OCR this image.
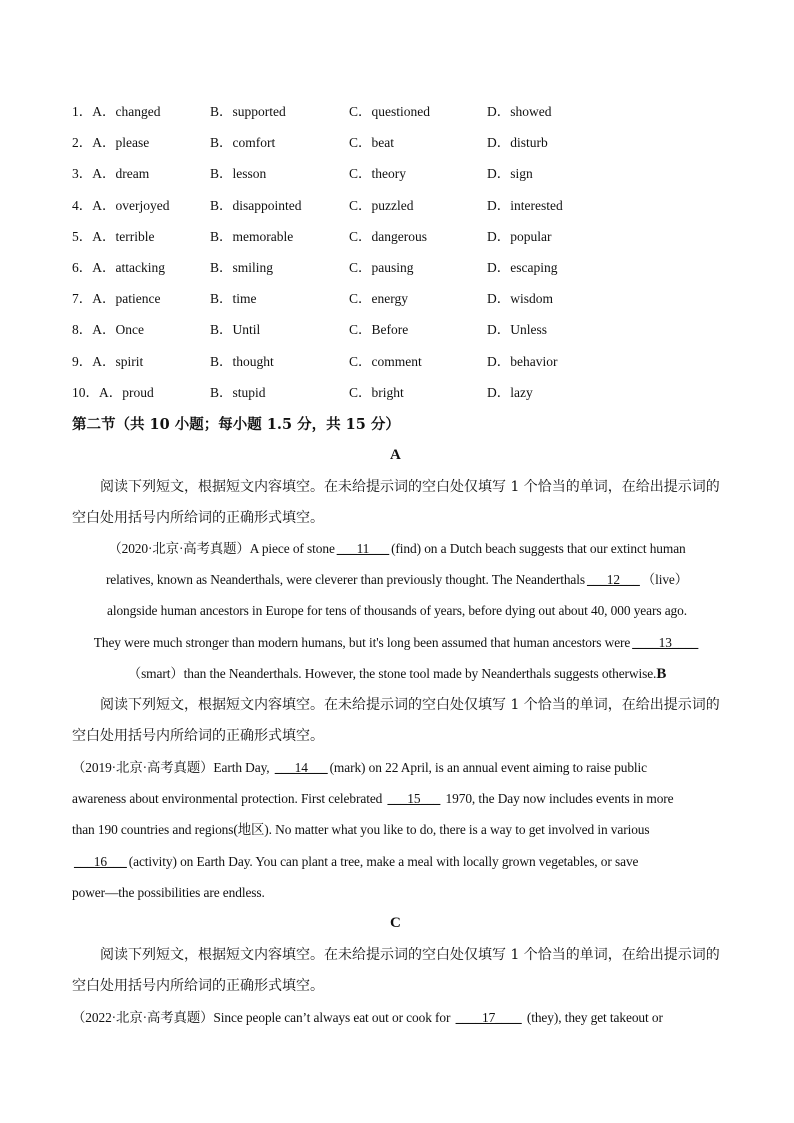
1．A．changed	B．supported	C．questioned	D．showed
2．A．please	B．comfort	C．beat	D．disturb
3．A．dream	B．lesson	C．theory	D．sign
4．A．overjoyed	B．disappointed	C．puzzled	D．interested
5．A．terrible	B．memorable	C．dangerous	D．popular
6．A．attacking	B．smiling	C．pausing	D．escaping
7．A．patience	B．time	C．energy	D．wisdom
8．A．Once	B．Until	C．Before	D．Unless
9．A．spirit	B．thought	C．comment	D．behavior
10．A．proud	B．stupid	C．bright	D．lazy
第二节（共 10 小题；每小题 1.5 分，共 15 分）
A
阅读下列短文，根据短文内容填空。在未给提示词的空白处仅填写 1 个恰当的单词，在给出提示词的
空白处用括号内所给词的正确形式填空。
（2020·北京·高考真题）A piece of stone ___11___ (find) on a Dutch beach suggests that our extinct human
relatives, known as Neanderthals, were cleverer than previously thought. The Neanderthals ___12___ （live）
alongside human ancestors in Europe for tens of thousands of years, before dying out about 40, 000 years ago.
They were much stronger than modern humans, but it's long been assumed that human ancestors were ____13____
（smart）than the Neanderthals. However, the stone tool made by Neanderthals suggests otherwise.B
阅读下列短文，根据短文内容填空。在未给提示词的空白处仅填写 1 个恰当的单词，在给出提示词的
空白处用括号内所给词的正确形式填空。
（2019·北京·高考真题）Earth Day, ___14___ (mark) on 22 April, is an annual event aiming to raise public
awareness about environmental protection. First celebrated ___15___ 1970, the Day now includes events in more
than 190 countries and regions(地区). No matter what you like to do, there is a way to get involved in various
___16___ (activity) on Earth Day. You can plant a tree, make a meal with locally grown vegetables, or save
power—the possibilities are endless.
C
阅读下列短文，根据短文内容填空。在未给提示词的空白处仅填写 1 个恰当的单词，在给出提示词的
空白处用括号内所给词的正确形式填空。
（2022·北京·高考真题）Since people can’t always eat out or cook for ____17____ (they), they get takeout or
